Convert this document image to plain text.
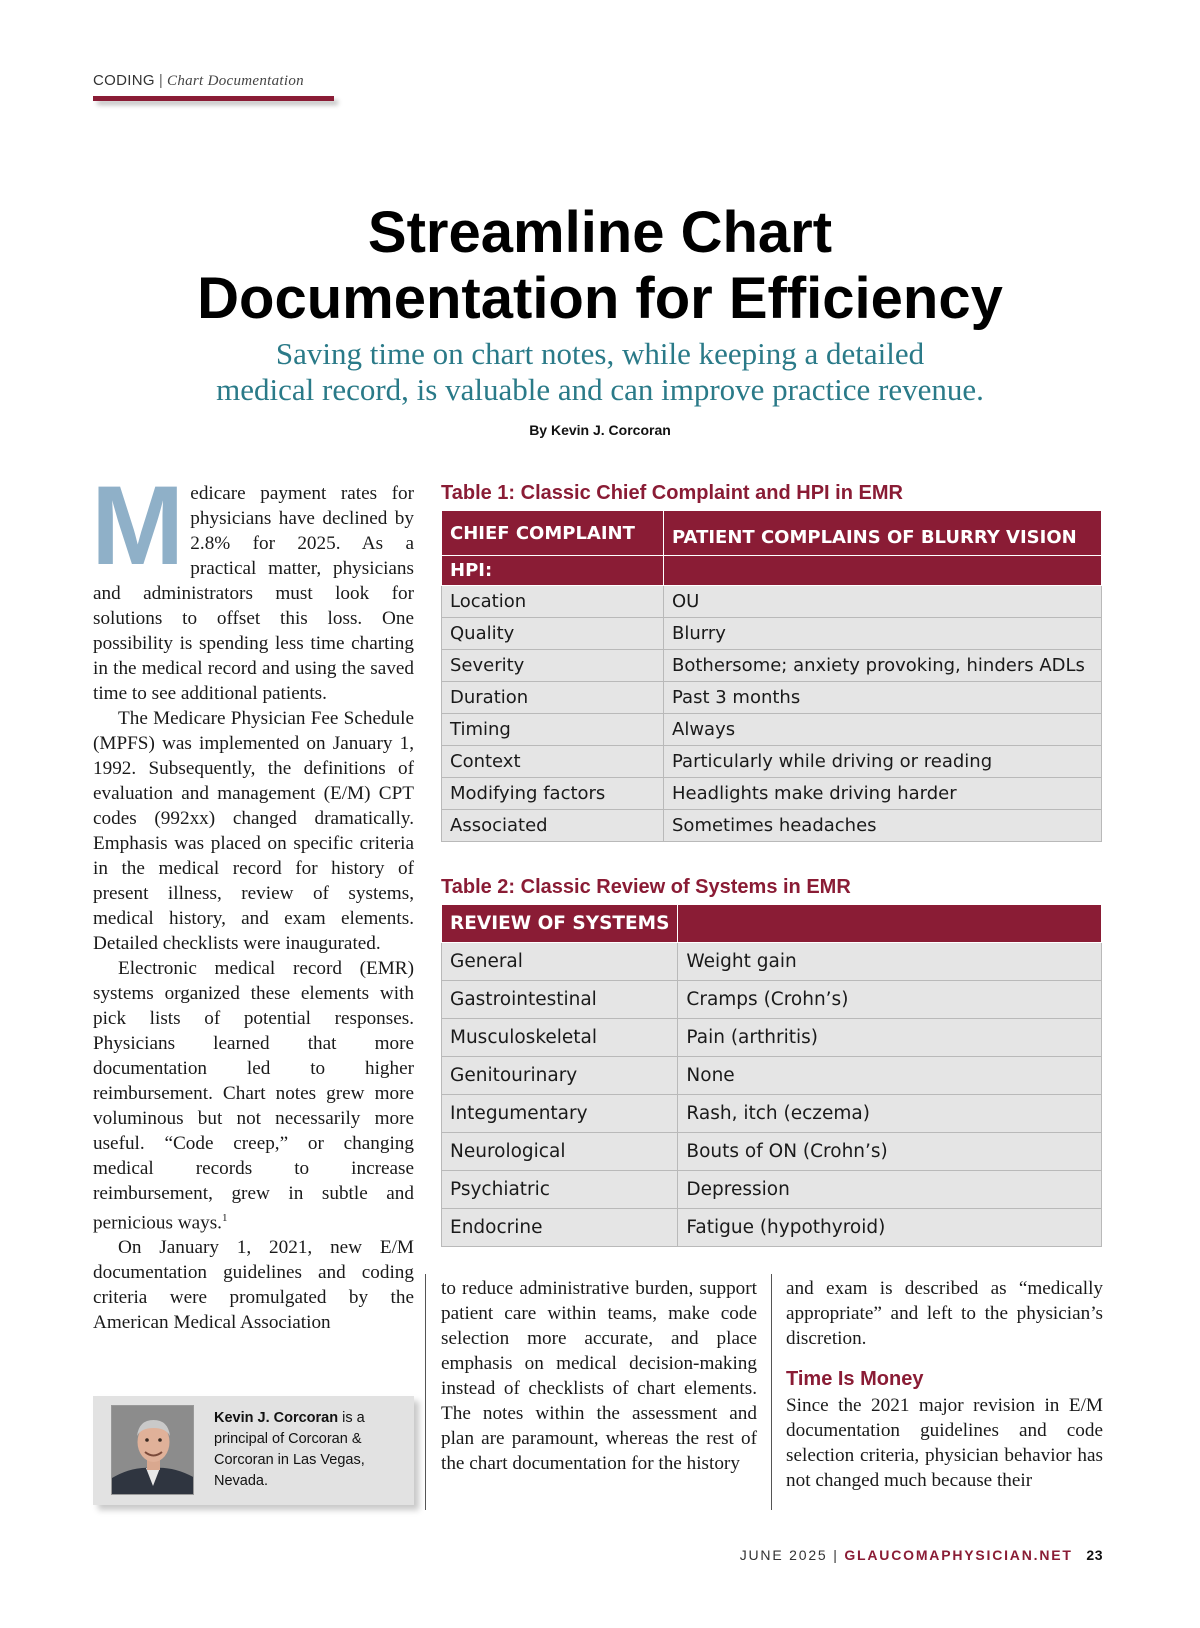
CODING | Chart Documentation
Streamline Chart
Documentation for Efficiency
Saving time on chart notes, while keeping a detailed
medical record, is valuable and can improve practice revenue.
By Kevin J. Corcoran

Medicare payment rates for physicians have declined by 2.8% for 2025. As a practical matter, physicians and administrators must look for solutions to offset this loss. One possibility is spending less time charting in the medical record and using the saved time to see additional patients.

The Medicare Physician Fee Schedule (MPFS) was implemented on January 1, 1992. Subsequently, the definitions of evaluation and management (E/M) CPT codes (992xx) changed dramatically. Emphasis was placed on specific criteria in the medical record for history of present illness, review of systems, medical history, and exam elements. Detailed checklists were inaugurated.

Electronic medical record (EMR) systems organized these elements with pick lists of potential responses. Physicians learned that more documentation led to higher reimbursement. Chart notes grew more voluminous but not necessarily more useful. “Code creep,” or changing medical records to increase reimbursement, grew in subtle and pernicious ways.$^1$

On January 1, 2021, new E/M documentation guidelines and coding criteria were promulgated by the American Medical Association

Kevin J. Corcoran is a principal of Corcoran & Corcoran in Las Vegas, Nevada.
Table 1: Classic Chief Complaint and HPI in EMR
CHIEF COMPLAINT	PATIENT COMPLAINS OF BLURRY VISION
HPI:	
Location	OU
Quality	Blurry
Severity	Bothersome; anxiety provoking, hinders ADLs
Duration	Past 3 months
Timing	Always
Context	Particularly while driving or reading
Modifying factors	Headlights make driving harder
Associated	Sometimes headaches
Table 2: Classic Review of Systems in EMR
REVIEW OF SYSTEMS	
General	Weight gain
Gastrointestinal	Cramps (Crohn’s)
Musculoskeletal	Pain (arthritis)
Genitourinary	None
Integumentary	Rash, itch (eczema)
Neurological	Bouts of ON (Crohn’s)
Psychiatric	Depression
Endocrine	Fatigue (hypothyroid)

to reduce administrative burden, support patient care within teams, make code selection more accurate, and place emphasis on medical decision-making instead of checklists of chart elements. The notes within the assessment and plan are paramount, whereas the rest of the chart documentation for the history

and exam is described as “medically appropriate” and left to the physician’s discretion.

Time Is Money

Since the 2021 major revision in E/M documentation guidelines and code selection criteria, physician behavior has not changed much because their

JUNE 2025 | GLAUCOMAPHYSICIAN.NET 23
